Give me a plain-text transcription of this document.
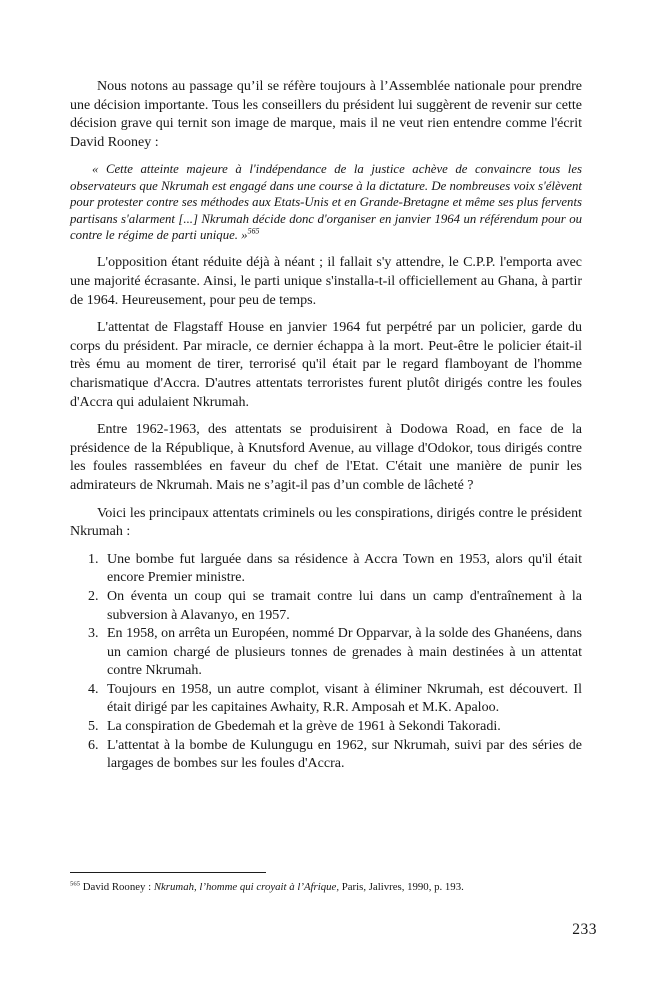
Nous notons au passage qu’il se réfère toujours à l’Assemblée nationale pour prendre une décision importante. Tous les conseillers du président lui suggèrent de revenir sur cette décision grave qui ternit son image de marque, mais il ne veut rien entendre comme l'écrit David Rooney :

« Cette atteinte majeure à l'indépendance de la justice achève de convaincre tous les observateurs que Nkrumah est engagé dans une course à la dictature. De nombreuses voix s'élèvent pour protester contre ses méthodes aux Etats-Unis et en Grande-Bretagne et même ses plus fervents partisans s'alarment [...] Nkrumah décide donc d'organiser en janvier 1964 un référendum pour ou contre le régime de parti unique. »$^{565}$

L'opposition étant réduite déjà à néant ; il fallait s'y attendre, le C.P.P. l'emporta avec une majorité écrasante. Ainsi, le parti unique s'installa-t-il officiellement au Ghana, à partir de 1964. Heureusement, pour peu de temps.

L'attentat de Flagstaff House en janvier 1964 fut perpétré par un policier, garde du corps du président. Par miracle, ce dernier échappa à la mort. Peut-être le policier était-il très ému au moment de tirer, terrorisé qu'il était par le regard flamboyant de l'homme charismatique d'Accra. D'autres attentats terroristes furent plutôt dirigés contre les foules d'Accra qui adulaient Nkrumah.

Entre 1962-1963, des attentats se produisirent à Dodowa Road, en face de la présidence de la République, à Knutsford Avenue, au village d'Odokor, tous dirigés contre les foules rassemblées en faveur du chef de l'Etat. C'était une manière de punir les admirateurs de Nkrumah. Mais ne s’agit-il pas d’un comble de lâcheté ?

Voici les principaux attentats criminels ou les conspirations, dirigés contre le président Nkrumah :

1. Une bombe fut larguée dans sa résidence à Accra Town en 1953, alors qu'il était encore Premier ministre.
2. On éventa un coup qui se tramait contre lui dans un camp d'entraînement à la subversion à Alavanyo, en 1957.
3. En 1958, on arrêta un Européen, nommé Dr Opparvar, à la solde des Ghanéens, dans un camion chargé de plusieurs tonnes de grenades à main destinées à un attentat contre Nkrumah.
4. Toujours en 1958, un autre complot, visant à éliminer Nkrumah, est découvert. Il était dirigé par les capitaines Awhaity, R.R. Amposah et M.K. Apaloo.
5. La conspiration de Gbedemah et la grève de 1961 à Sekondi Takoradi.
6. L'attentat à la bombe de Kulungugu en 1962, sur Nkrumah, suivi par des séries de largages de bombes sur les foules d'Accra.

$^{565}$ David Rooney : Nkrumah, l’homme qui croyait à l’Afrique, Paris, Jalivres, 1990, p. 193.

233
